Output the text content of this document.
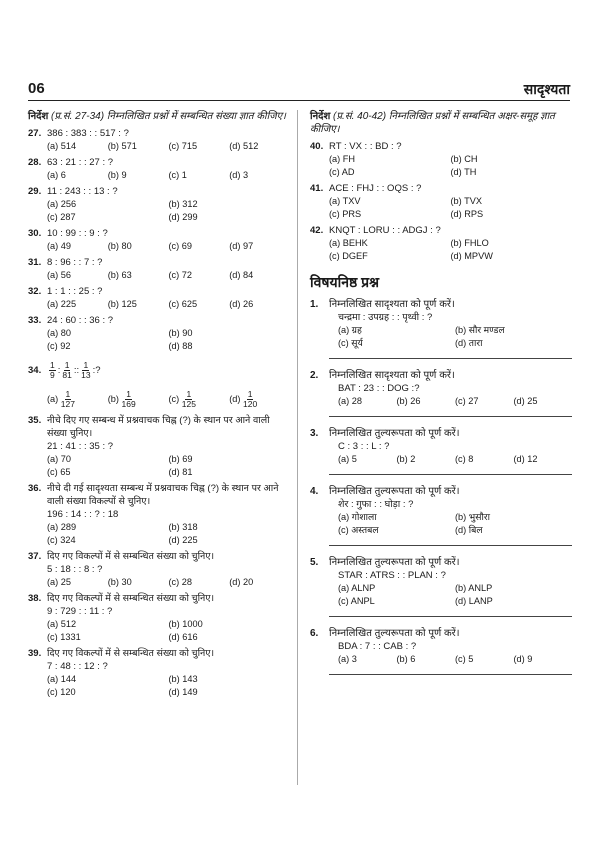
06	सादृश्यता
निर्देश (प्र.सं. 27-34) निम्नलिखित प्रश्नों में सम्बन्धित संख्या ज्ञात कीजिए।
27. 386 : 383 : : 517 : ?
(a) 514	(b) 571	(c) 715	(d) 512
28. 63 : 21 : : 27 : ?
(a) 6	(b) 9	(c) 1	(d) 3
29. 11 : 243 : : 13 : ?
(a) 256	(b) 312
(c) 287	(d) 299
30. 10 : 99 : : 9 : ?
(a) 49	(b) 80	(c) 69	(d) 97
31. 8 : 96 : : 7 : ?
(a) 56	(b) 63	(c) 72	(d) 84
32. 1 : 1 : : 25 : ?
(a) 225	(b) 125	(c) 625	(d) 26
33. 24 : 60 : : 36 : ?
(a) 80	(b) 90
(c) 92	(d) 88
34. $\frac{1}{9}$ : $\frac{1}{81}$ :: $\frac{1}{13}$ :?
$(a) \frac{1}{127}$	$(b) \frac{1}{169}$	$(c) \frac{1}{125}$	$(d) \frac{1}{120}$
35. नीचे दिए गए सम्बन्ध में प्रश्नवाचक चिह्न (?) के स्थान पर आने वाली संख्या चुनिए।
21 : 41 : : 35 : ?
(a) 70	(b) 69
(c) 65	(d) 81
36. नीचे दी गई सादृश्यता सम्बन्ध में प्रश्नवाचक चिह्न (?) के स्थान पर आने वाली संख्या विकल्पों से चुनिए।
196 : 14 : : ? : 18
(a) 289	(b) 318
(c) 324	(d) 225
37. दिए गए विकल्पों में से सम्बन्धित संख्या को चुनिए।
5 : 18 : : 8 : ?
(a) 25	(b) 30	(c) 28	(d) 20
38. दिए गए विकल्पों में से सम्बन्धित संख्या को चुनिए।
9 : 729 : : 11 : ?
(a) 512	(b) 1000
(c) 1331	(d) 616
39. दिए गए विकल्पों में से सम्बन्धित संख्या को चुनिए।
7 : 48 : : 12 : ?
(a) 144	(b) 143
(c) 120	(d) 149
निर्देश (प्र.सं. 40-42) निम्नलिखित प्रश्नों में सम्बन्धित अक्षर-समूह ज्ञात कीजिए।
40. RT : VX : : BD : ?
(a) FH	(b) CH
(c) AD	(d) TH
41. ACE : FHJ : : OQS : ?
(a) TXV	(b) TVX
(c) PRS	(d) RPS
42. KNQT : LORU : : ADGJ : ?
(a) BEHK	(b) FHLO
(c) DGEF	(d) MPVW
विषयनिष्ठ प्रश्न
1.	निम्नलिखित सादृश्यता को पूर्ण करें।
चन्द्रमा : उपग्रह : : पृथ्वी : ?
(a) ग्रह	(b) सौर मण्डल
(c) सूर्य	(d) तारा
2.	निम्नलिखित सादृश्यता को पूर्ण करें।
BAT : 23 : : DOG :?
(a) 28	(b) 26	(c) 27	(d) 25
3.	निम्नलिखित तुल्यरूपता को पूर्ण करें।
C : 3 : : L : ?
(a) 5	(b) 2	(c) 8	(d) 12
4.	निम्नलिखित तुल्यरूपता को पूर्ण करें।
शेर : गुफा : : घोड़ा : ?
(a) गोशाला	(b) भुसौरा
(c) अस्तबल	(d) बिल
5.	निम्नलिखित तुल्यरूपता को पूर्ण करें।
STAR : ATRS : : PLAN : ?
(a) ALNP	(b) ANLP
(c) ANPL	(d) LANP
6.	निम्नलिखित तुल्यरूपता को पूर्ण करें।
BDA : 7 : : CAB : ?
(a) 3	(b) 6	(c) 5	(d) 9
